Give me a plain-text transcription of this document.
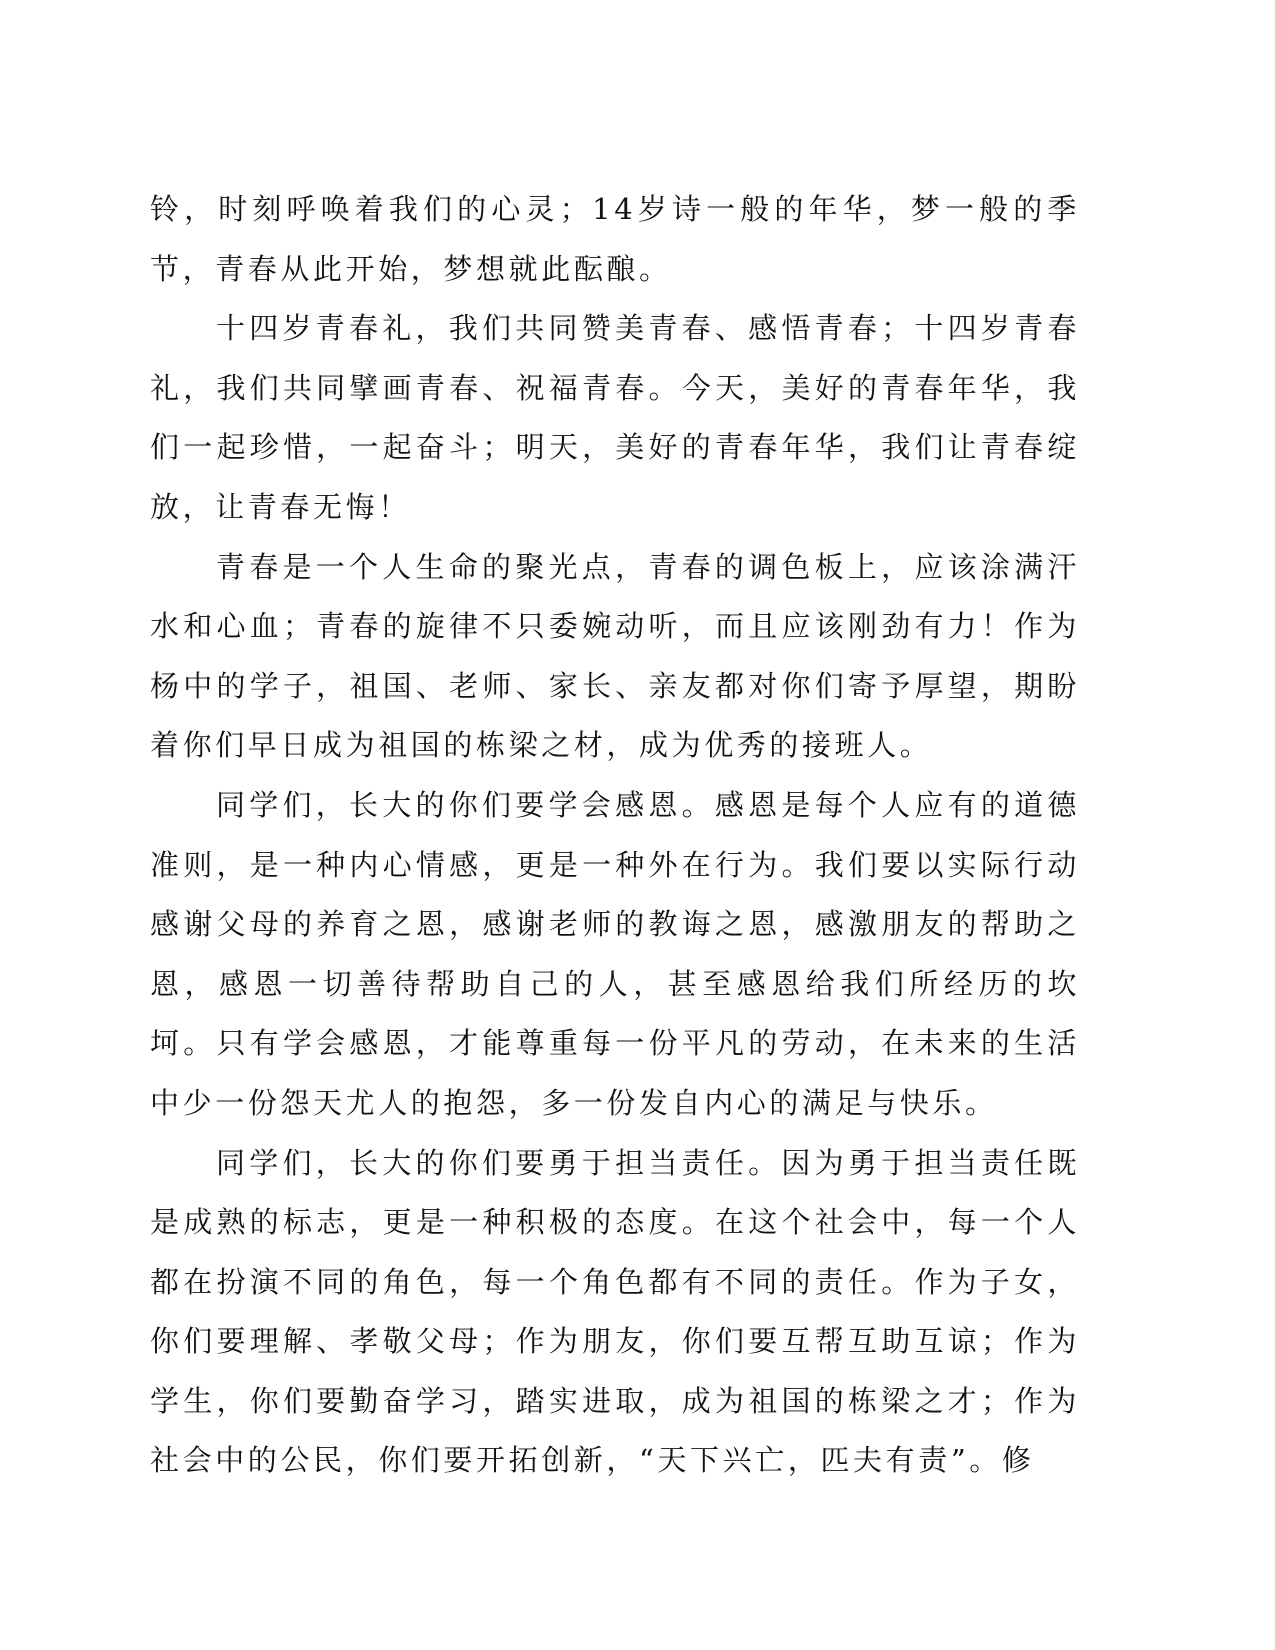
铃，时刻呼唤着我们的心灵；14岁诗一般的年华，梦一般的季节，青春从此开始，梦想就此酝酿。

十四岁青春礼，我们共同赞美青春、感悟青春；十四岁青春礼，我们共同擘画青春、祝福青春。今天，美好的青春年华，我们一起珍惜，一起奋斗；明天，美好的青春年华，我们让青春绽放，让青春无悔！

青春是一个人生命的聚光点，青春的调色板上，应该涂满汗水和心血；青春的旋律不只委婉动听，而且应该刚劲有力！作为杨中的学子，祖国、老师、家长、亲友都对你们寄予厚望，期盼着你们早日成为祖国的栋梁之材，成为优秀的接班人。

同学们，长大的你们要学会感恩。感恩是每个人应有的道德准则，是一种内心情感，更是一种外在行为。我们要以实际行动感谢父母的养育之恩，感谢老师的教诲之恩，感激朋友的帮助之恩，感恩一切善待帮助自己的人，甚至感恩给我们所经历的坎坷。只有学会感恩，才能尊重每一份平凡的劳动，在未来的生活中少一份怨天尤人的抱怨，多一份发自内心的满足与快乐。

同学们，长大的你们要勇于担当责任。因为勇于担当责任既是成熟的标志，更是一种积极的态度。在这个社会中，每一个人都在扮演不同的角色，每一个角色都有不同的责任。作为子女，你们要理解、孝敬父母；作为朋友，你们要互帮互助互谅；作为学生，你们要勤奋学习，踏实进取，成为祖国的栋梁之才；作为社会中的公民，你们要开拓创新，“天下兴亡，匹夫有责”。修
